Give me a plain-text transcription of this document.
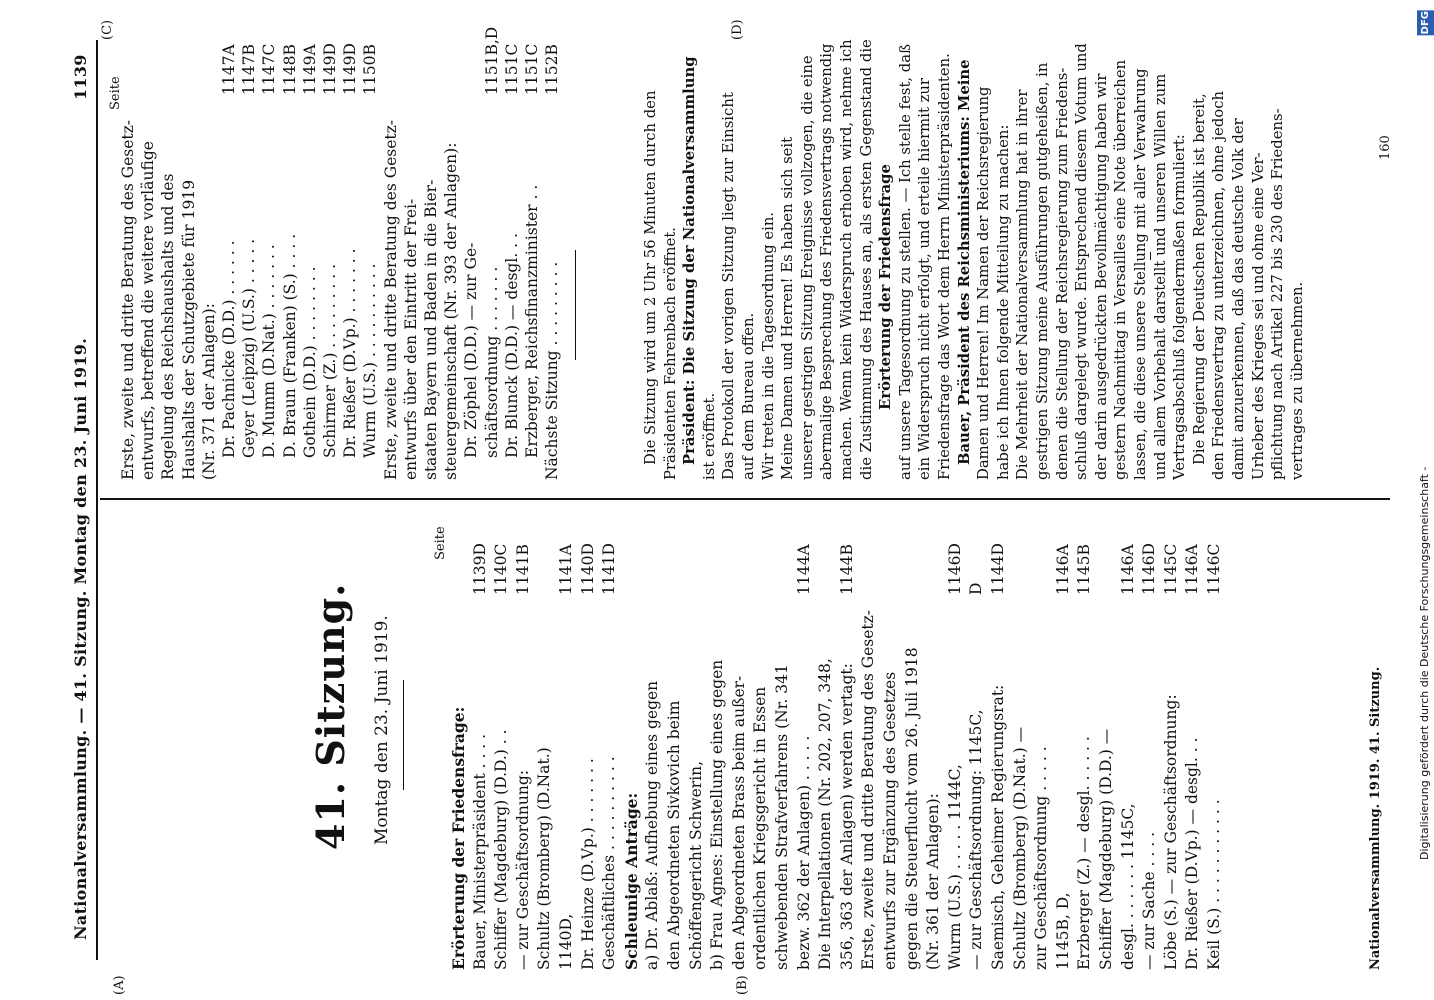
Nationalversammlung. — 41. Sitzung. Montag den 23. Juni 1919.
1139
(A)	(B)
(C)	(D)
41. Sitzung. Montag den 23. Juni 1919.
Seite
Erörterung der Friedensfrage: Bauer, Ministerpräsident . . . .
1139D
Schiffer (Magdeburg) (D.D.) . .
1140C
— zur Geschäftsordnung:
1141B
Schultz (Bromberg) (D.Nat.) 1140D,
1141A
Dr. Heinze (D.Vp.) . . . . . . .
1140D
Geschäftliches . . . . . . . . . .
1141D
Schleunige Anträge: a) Dr. Ablaß: Aufhebung eines gegen den Abgeordneten Sivkovich beim Schöffengericht Schwerin, b) Frau Agnes: Einstellung eines gegen den Abgeordneten Brass beim außer- ordentlichen Kriegsgericht in Essen schwebenden Strafverfahrens (Nr. 341 bezw. 362 der Anlagen) . . . . .
1144A
Die Interpellationen (Nr. 202, 207, 348, 356, 363 der Anlagen) werden vertagt:
1144B
Erste, zweite und dritte Beratung des Gesetz- entwurfs zur Ergänzung des Gesetzes gegen die Steuerflucht vom 26. Juli 1918 (Nr. 361 der Anlagen): Wurm (U.S.) . . . . . 1144C,
1146D
— zur Geschäftsordnung: 1145C,
D
Saemisch, Geheimer Regierungsrat:
1144D
Schultz (Bromberg) (D.Nat.) — zur Geschäftsordnung . . . . . 1145B, D,
1146A
Erzberger (Z.) — desgl. . . . . .
1145B
Schiffer (Magdeburg) (D.D.) — desgl. . . . . . . 1145C,
1146A
— zur Sache . . . .
1146D
Löbe (S.) — zur Geschäftsordnung:
1145C
Dr. Rießer (D.Vp.) — desgl. . .
1146A
Keil (S.) . . . . . . . . . . .
1146C
Nationalversammlung. 1919. 41. Sitzung.
Seite
Erste, zweite und dritte Beratung des Gesetz- entwurfs, betreffend die weitere vorläufige Regelung des Reichshaushalts und des Haushalts der Schutzgebiete für 1919 (Nr. 371 der Anlagen): Dr. Pachnicke (D.D.) . . . . . .
1147A
Geyer (Leipzig) (U.S.) . . . . .
1147B
D. Mumm (D.Nat.) . . . . . . .
1147C
D. Braun (Franken) (S.) . . . .
1148B
Gothein (D.D.) . . . . . . . .
1149A
Schirmer (Z.) . . . . . . . . .
1149D
Dr. Rießer (D.Vp.) . . . . . . .
1149D
Wurm (U.S.) . . . . . . . . . .
1150B
Erste, zweite und dritte Beratung des Gesetz- entwurfs über den Eintritt der Frei- staaten Bayern und Baden in die Bier- steuergemeinschaft (Nr. 393 der Anlagen): Dr. Zöphel (D.D.) — zur Ge- schäftsordnung . . . . . . .
1151B,D
Dr. Blunck (D.D.) — desgl. . .
1151C
Erzberger, Reichsfinanzminister . .
1151C
Nächste Sitzung . . . . . . . . .
1152B
Die Sitzung wird um 2 Uhr 56 Minuten durch den Präsidenten Fehrenbach eröffnet. Präsident: Die Sitzung der Nationalversammlung ist eröffnet. Das Protokoll der vorigen Sitzung liegt zur Einsicht auf dem Bureau offen. Wir treten in die Tagesordnung ein. Meine Damen und Herren! Es haben sich seit unserer gestrigen Sitzung Ereignisse vollzogen, die eine abermalige Besprechung des Friedensvertrags notwendig machen. Wenn kein Widerspruch erhoben wird, nehme ich die Zustimmung des Hauses an, als ersten Gegenstand die Erörterung der Friedensfrage auf unsere Tagesordnung zu stellen. — Ich stelle fest, daß ein Widerspruch nicht erfolgt, und erteile hiermit zur Friedensfrage das Wort dem Herrn Ministerpräsidenten. Bauer, Präsident des Reichsministeriums: Meine Damen und Herren! Im Namen der Reichsregierung habe ich Ihnen folgende Mitteilung zu machen: Die Mehrheit der Nationalversammlung hat in ihrer gestrigen Sitzung meine Ausführungen gutgeheißen, in denen die Stellung der Reichsregierung zum Friedens- schluß dargelegt wurde. Entsprechend diesem Votum und der darin ausgedrückten Bevollmächtigung haben wir gestern Nachmittag in Versailles eine Note überreichen lassen, die diese unsere Stellung mit aller Verwahrung und allem Vorbehalt darstellt und unseren Willen zum Vertragsabschluß folgendermaßen formuliert: Die Regierung der Deutschen Republik ist bereit, den Friedensvertrag zu unterzeichnen, ohne jedoch damit anzuerkennen, daß das deutsche Volk der Urheber des Krieges sei und ohne eine Ver- pflichtung nach Artikel 227 bis 230 des Friedens- vertrages zu übernehmen.
160
Digitalisierung gefördert durch die Deutsche Forschungsgemeinschaft -
DFG
